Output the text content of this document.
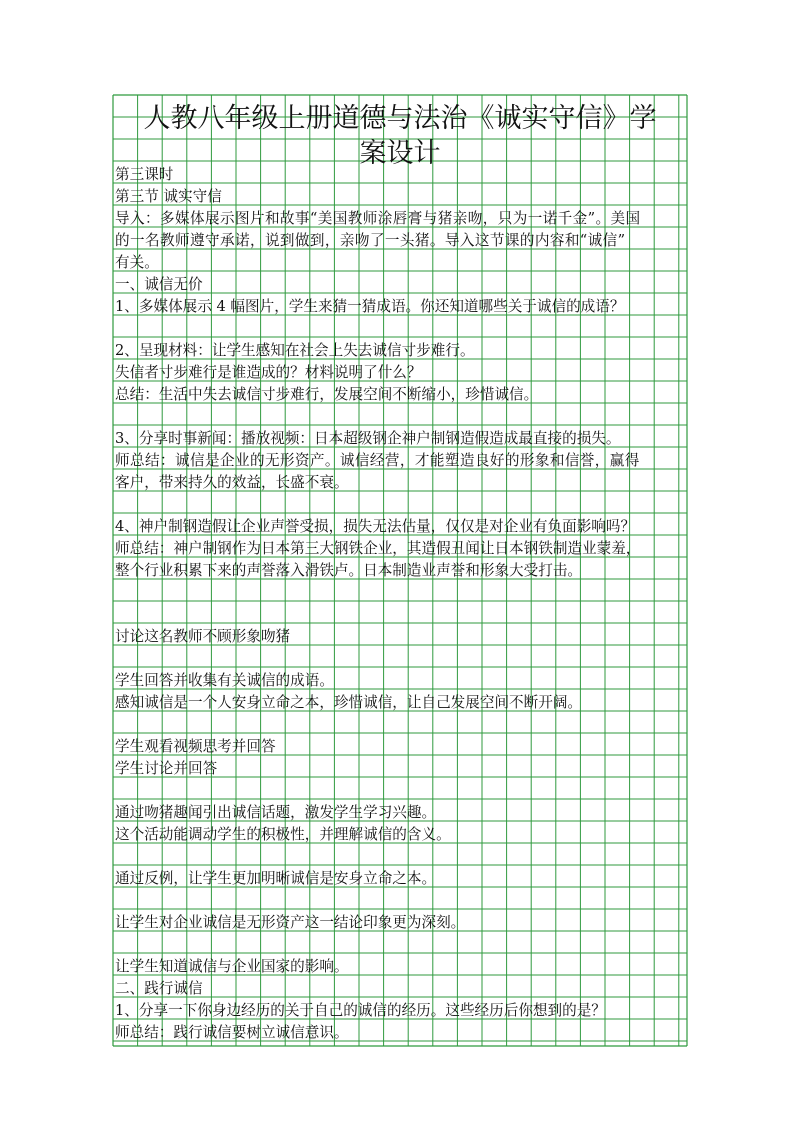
人教八年级上册道德与法治《诚实守信》学
案设计
第三课时
第三节 诚实守信
导入：多媒体展示图片和故事“美国教师涂唇膏与猪亲吻，只为一诺千金”。美国
的一名教师遵守承诺，说到做到，亲吻了一头猪。导入这节课的内容和“诚信”
有关。
一、诚信无价
1、多媒体展示 4 幅图片，学生来猜一猜成语。你还知道哪些关于诚信的成语？
2、呈现材料：让学生感知在社会上失去诚信寸步难行。
失信者寸步难行是谁造成的？材料说明了什么？
总结：生活中失去诚信寸步难行，发展空间不断缩小，珍惜诚信。
3、分享时事新闻：播放视频：日本超级钢企神户制钢造假造成最直接的损失。
师总结：诚信是企业的无形资产。诚信经营，才能塑造良好的形象和信誉，赢得
客户，带来持久的效益，长盛不衰。
4、神户制钢造假让企业声誉受损，损失无法估量，仅仅是对企业有负面影响吗？
师总结：神户制钢作为日本第三大钢铁企业，其造假丑闻让日本钢铁制造业蒙羞，
整个行业积累下来的声誉落入滑铁卢。日本制造业声誉和形象大受打击。
讨论这名教师不顾形象吻猪
学生回答并收集有关诚信的成语。
感知诚信是一个人安身立命之本，珍惜诚信，让自己发展空间不断开阔。
学生观看视频思考并回答
学生讨论并回答
通过吻猪趣闻引出诚信话题，激发学生学习兴趣。
这个活动能调动学生的积极性，并理解诚信的含义。
通过反例，让学生更加明晰诚信是安身立命之本。
让学生对企业诚信是无形资产这一结论印象更为深刻。
让学生知道诚信与企业国家的影响。
二、践行诚信
1、分享一下你身边经历的关于自己的诚信的经历。这些经历后你想到的是？
师总结：践行诚信要树立诚信意识。
